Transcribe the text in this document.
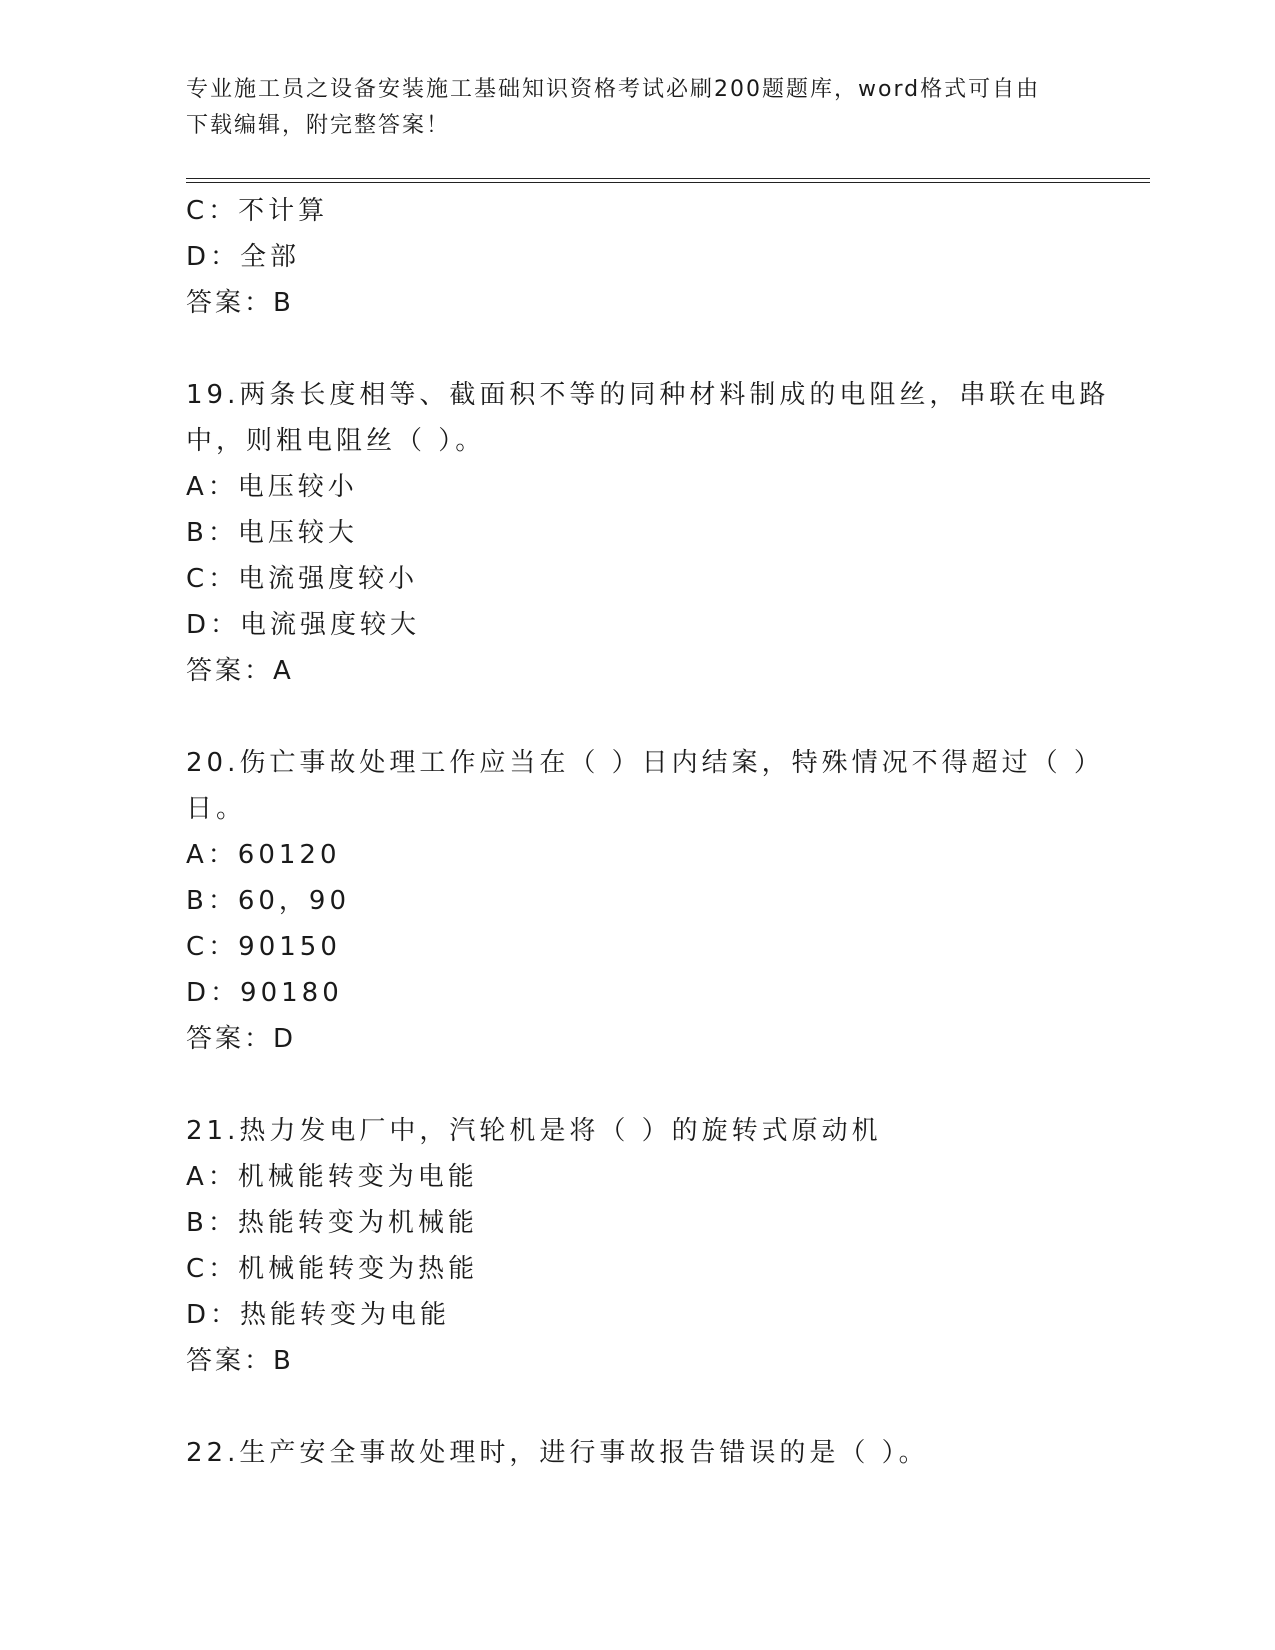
专业施工员之设备安装施工基础知识资格考试必刷200题题库，word格式可自由
下载编辑，附完整答案！
C：不计算
D：全部
答案：B
19.两条长度相等、截面积不等的同种材料制成的电阻丝，串联在电路
中，则粗电阻丝（ ）。
A：电压较小
B：电压较大
C：电流强度较小
D：电流强度较大
答案：A
20.伤亡事故处理工作应当在（ ）日内结案，特殊情况不得超过（ ）
日。
A：60120
B：60，90
C：90150
D：90180
答案：D
21.热力发电厂中，汽轮机是将（ ）的旋转式原动机
A：机械能转变为电能
B：热能转变为机械能
C：机械能转变为热能
D：热能转变为电能
答案：B
22.生产安全事故处理时，进行事故报告错误的是（ ）。
